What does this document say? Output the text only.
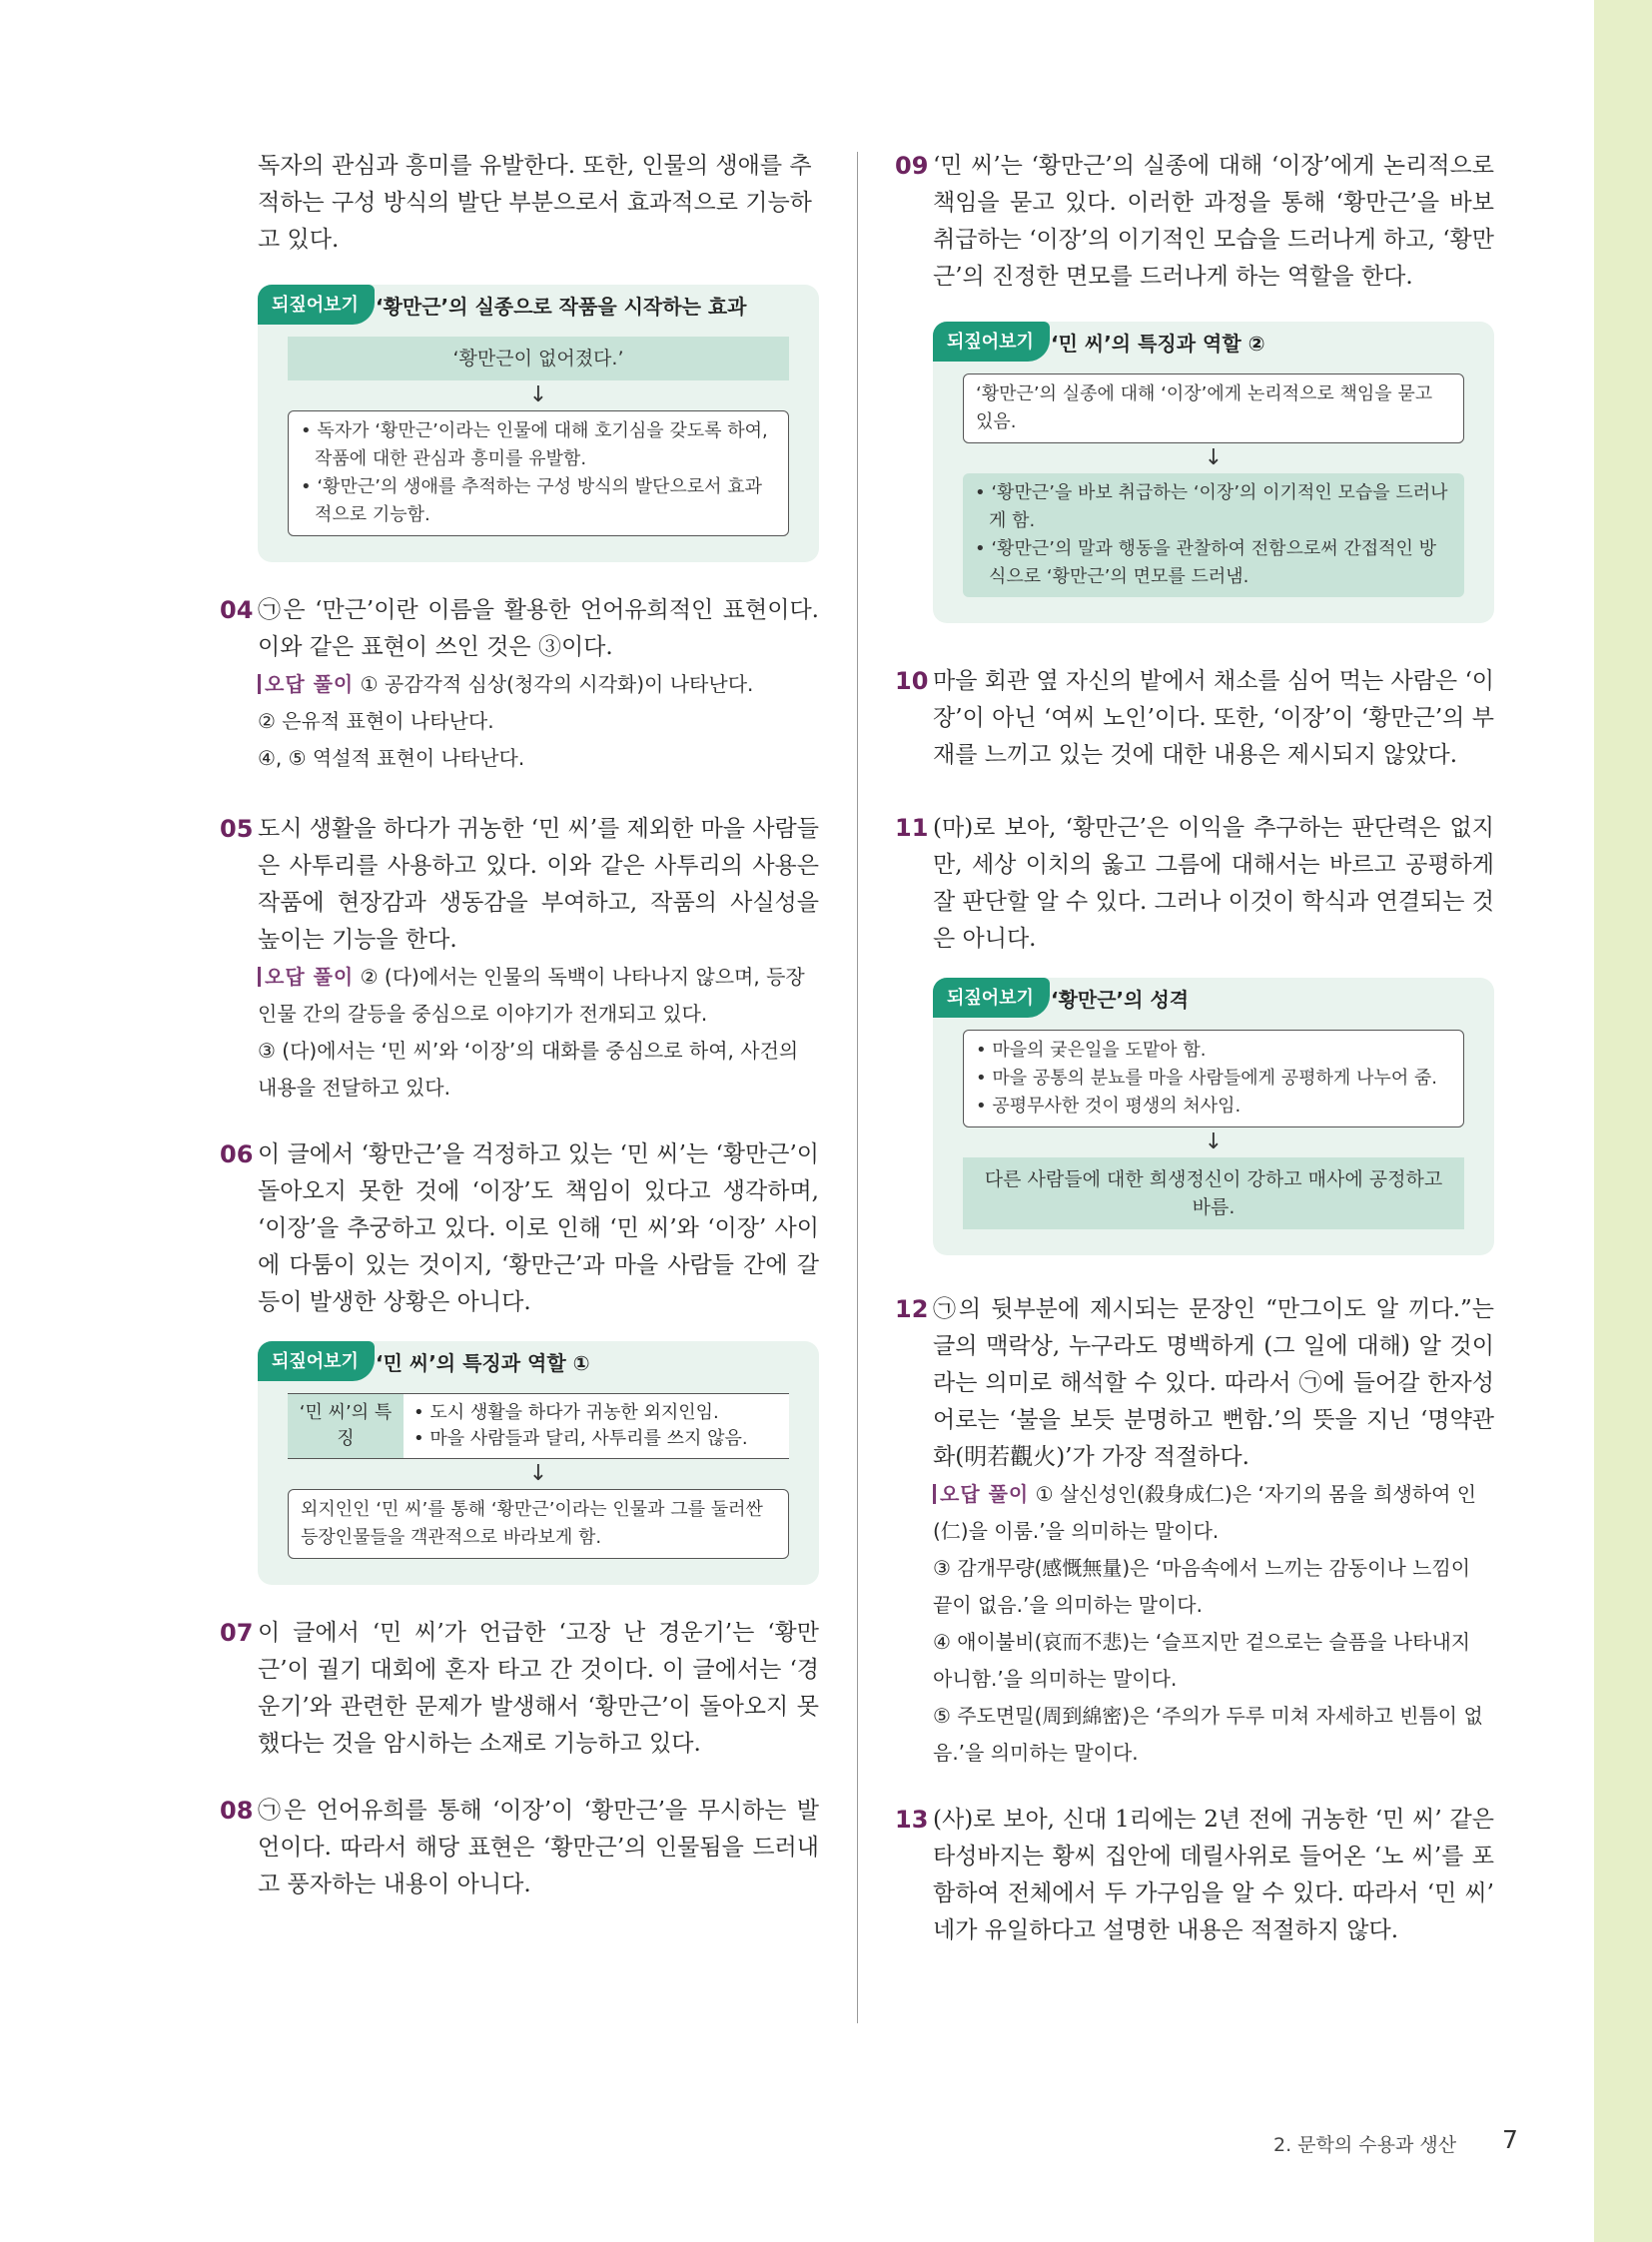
독자의 관심과 흥미를 유발한다. 또한, 인물의 생애를 추

적하는 구성 방식의 발단 부분으로서 효과적으로 기능하

고 있다.

되짚어보기 ‘황만근’의 실종으로 작품을 시작하는 효과
‘황만근이 없어졌다.’
↓
• 독자가 ‘황만근’이라는 인물에 대해 호기심을 갖도록 하여, 작품에 대한 관심과 흥미를 유발함.
• ‘황만근’의 생애를 추적하는 구성 방식의 발단으로서 효과적으로 기능함.
04 ㉠은 ‘만근’이란 이름을 활용한 언어유희적인 표현이다. 이와 같은 표현이 쓰인 것은 ③이다.

오답 풀이 ① 공감각적 심상(청각의 시각화)이 나타난다.

② 은유적 표현이 나타난다.

④, ⑤ 역설적 표현이 나타난다.

05 도시 생활을 하다가 귀농한 ‘민 씨’를 제외한 마을 사람들은 사투리를 사용하고 있다. 이와 같은 사투리의 사용은 작품에 현장감과 생동감을 부여하고, 작품의 사실성을 높이는 기능을 한다.

오답 풀이 ② (다)에서는 인물의 독백이 나타나지 않으며, 등장 인물 간의 갈등을 중심으로 이야기가 전개되고 있다.

③ (다)에서는 ‘민 씨’와 ‘이장’의 대화를 중심으로 하여, 사건의 내용을 전달하고 있다.

06 이 글에서 ‘황만근’을 걱정하고 있는 ‘민 씨’는 ‘황만근’이 돌아오지 못한 것에 ‘이장’도 책임이 있다고 생각하며, ‘이장’을 추궁하고 있다. 이로 인해 ‘민 씨’와 ‘이장’ 사이에 다툼이 있는 것이지, ‘황만근’과 마을 사람들 간에 갈등이 발생한 상황은 아니다.

되짚어보기 ‘민 씨’의 특징과 역할 ①
‘민 씨’의 특징	
• 도시 생활을 하다가 귀농한 외지인임.
• 마을 사람들과 달리, 사투리를 쓰지 않음.
↓
외지인인 ‘민 씨’를 통해 ‘황만근’이라는 인물과 그를 둘러싼 등장인물들을 객관적으로 바라보게 함.
07 이 글에서 ‘민 씨’가 언급한 ‘고장 난 경운기’는 ‘황만근’이 궐기 대회에 혼자 타고 간 것이다. 이 글에서는 ‘경운기’와 관련한 문제가 발생해서 ‘황만근’이 돌아오지 못했다는 것을 암시하는 소재로 기능하고 있다.

08 ㉠은 언어유희를 통해 ‘이장’이 ‘황만근’을 무시하는 발언이다. 따라서 해당 표현은 ‘황만근’의 인물됨을 드러내고 풍자하는 내용이 아니다.

09 ‘민 씨’는 ‘황만근’의 실종에 대해 ‘이장’에게 논리적으로 책임을 묻고 있다. 이러한 과정을 통해 ‘황만근’을 바보 취급하는 ‘이장’의 이기적인 모습을 드러나게 하고, ‘황만근’의 진정한 면모를 드러나게 하는 역할을 한다.

되짚어보기 ‘민 씨’의 특징과 역할 ②
‘황만근’의 실종에 대해 ‘이장’에게 논리적으로 책임을 묻고 있음.
↓
• ‘황만근’을 바보 취급하는 ‘이장’의 이기적인 모습을 드러나게 함.
• ‘황만근’의 말과 행동을 관찰하여 전함으로써 간접적인 방식으로 ‘황만근’의 면모를 드러냄.
10 마을 회관 옆 자신의 밭에서 채소를 심어 먹는 사람은 ‘이장’이 아닌 ‘여씨 노인’이다. 또한, ‘이장’이 ‘황만근’의 부재를 느끼고 있는 것에 대한 내용은 제시되지 않았다.

11 (마)로 보아, ‘황만근’은 이익을 추구하는 판단력은 없지만, 세상 이치의 옳고 그름에 대해서는 바르고 공평하게 잘 판단할 알 수 있다. 그러나 이것이 학식과 연결되는 것은 아니다.

되짚어보기 ‘황만근’의 성격
• 마을의 궂은일을 도맡아 함.
• 마을 공통의 분뇨를 마을 사람들에게 공평하게 나누어 줌.
• 공평무사한 것이 평생의 처사임.
↓
다른 사람들에 대한 희생정신이 강하고 매사에 공정하고 바름.
12 ㉠의 뒷부분에 제시되는 문장인 “만그이도 알 끼다.”는 글의 맥락상, 누구라도 명백하게 (그 일에 대해) 알 것이라는 의미로 해석할 수 있다. 따라서 ㉠에 들어갈 한자성어로는 ‘불을 보듯 분명하고 뻔함.’의 뜻을 지닌 ‘명약관화(明若觀火)’가 가장 적절하다.

오답 풀이 ① 살신성인(殺身成仁)은 ‘자기의 몸을 희생하여 인(仁)을 이룸.’을 의미하는 말이다.

③ 감개무량(感慨無量)은 ‘마음속에서 느끼는 감동이나 느낌이 끝이 없음.’을 의미하는 말이다.

④ 애이불비(哀而不悲)는 ‘슬프지만 겉으로는 슬픔을 나타내지 아니함.’을 의미하는 말이다.

⑤ 주도면밀(周到綿密)은 ‘주의가 두루 미쳐 자세하고 빈틈이 없음.’을 의미하는 말이다.

13 (사)로 보아, 신대 1리에는 2년 전에 귀농한 ‘민 씨’ 같은 타성바지는 황씨 집안에 데릴사위로 들어온 ‘노 씨’를 포함하여 전체에서 두 가구임을 알 수 있다. 따라서 ‘민 씨’ 네가 유일하다고 설명한 내용은 적절하지 않다.

2. 문학의 수용과 생산 7
